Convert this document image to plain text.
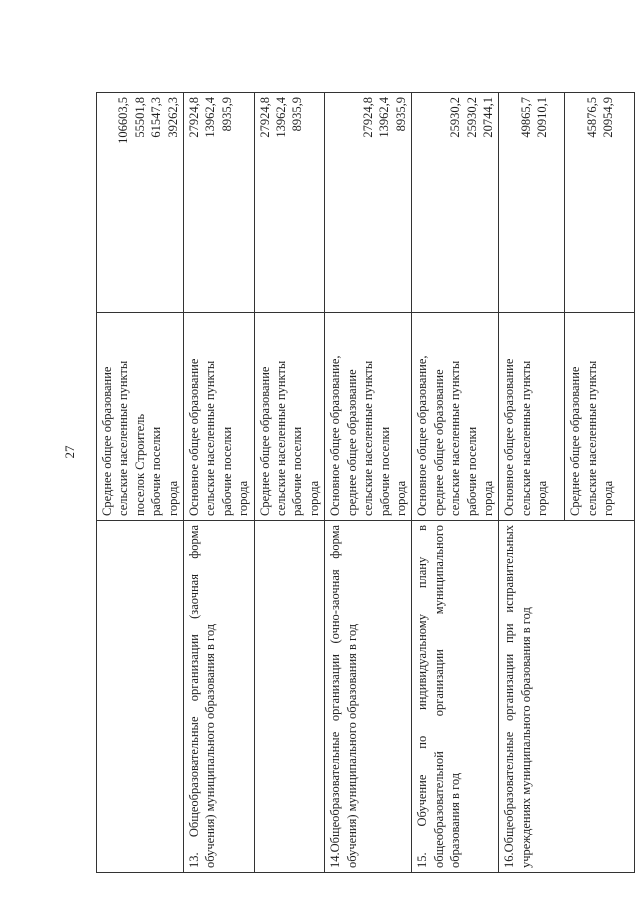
27

	Среднее общее образование сельские населенные пункты поселок Строитель рабочие поселки города	106603,5 55501,8 61547,3 39262,3

13. Общеобразовательные организации (заочная форма обучения) муниципального образования в год	Основное общее образование сельские населенные пункты рабочие поселки города	27924,8 13962,4 8935,9

	Среднее общее образование сельские населенные пункты рабочие поселки города	27924,8 13962,4 8935,9

14.Общеобразовательные организации (очно-заочная форма обучения) муниципального образования в год	Основное общее образование, среднее общее образование сельские населенные пункты рабочие поселки города	27924,8 13962,4 8935,9

15. Обучение по индивидуальному плану в общеобразовательной организации муниципального образования в год	Основное общее образование, среднее общее образование сельские населенные пункты рабочие поселки города	25930,2 25930,2 20744,1

16.Общеобразовательные организации при исправительных учреждениях муниципального образования в год	Основное общее образование сельские населенные пункты города	49865,7 20910,1

	Среднее общее образование сельские населенные пункты города	45876,5 20954,9
